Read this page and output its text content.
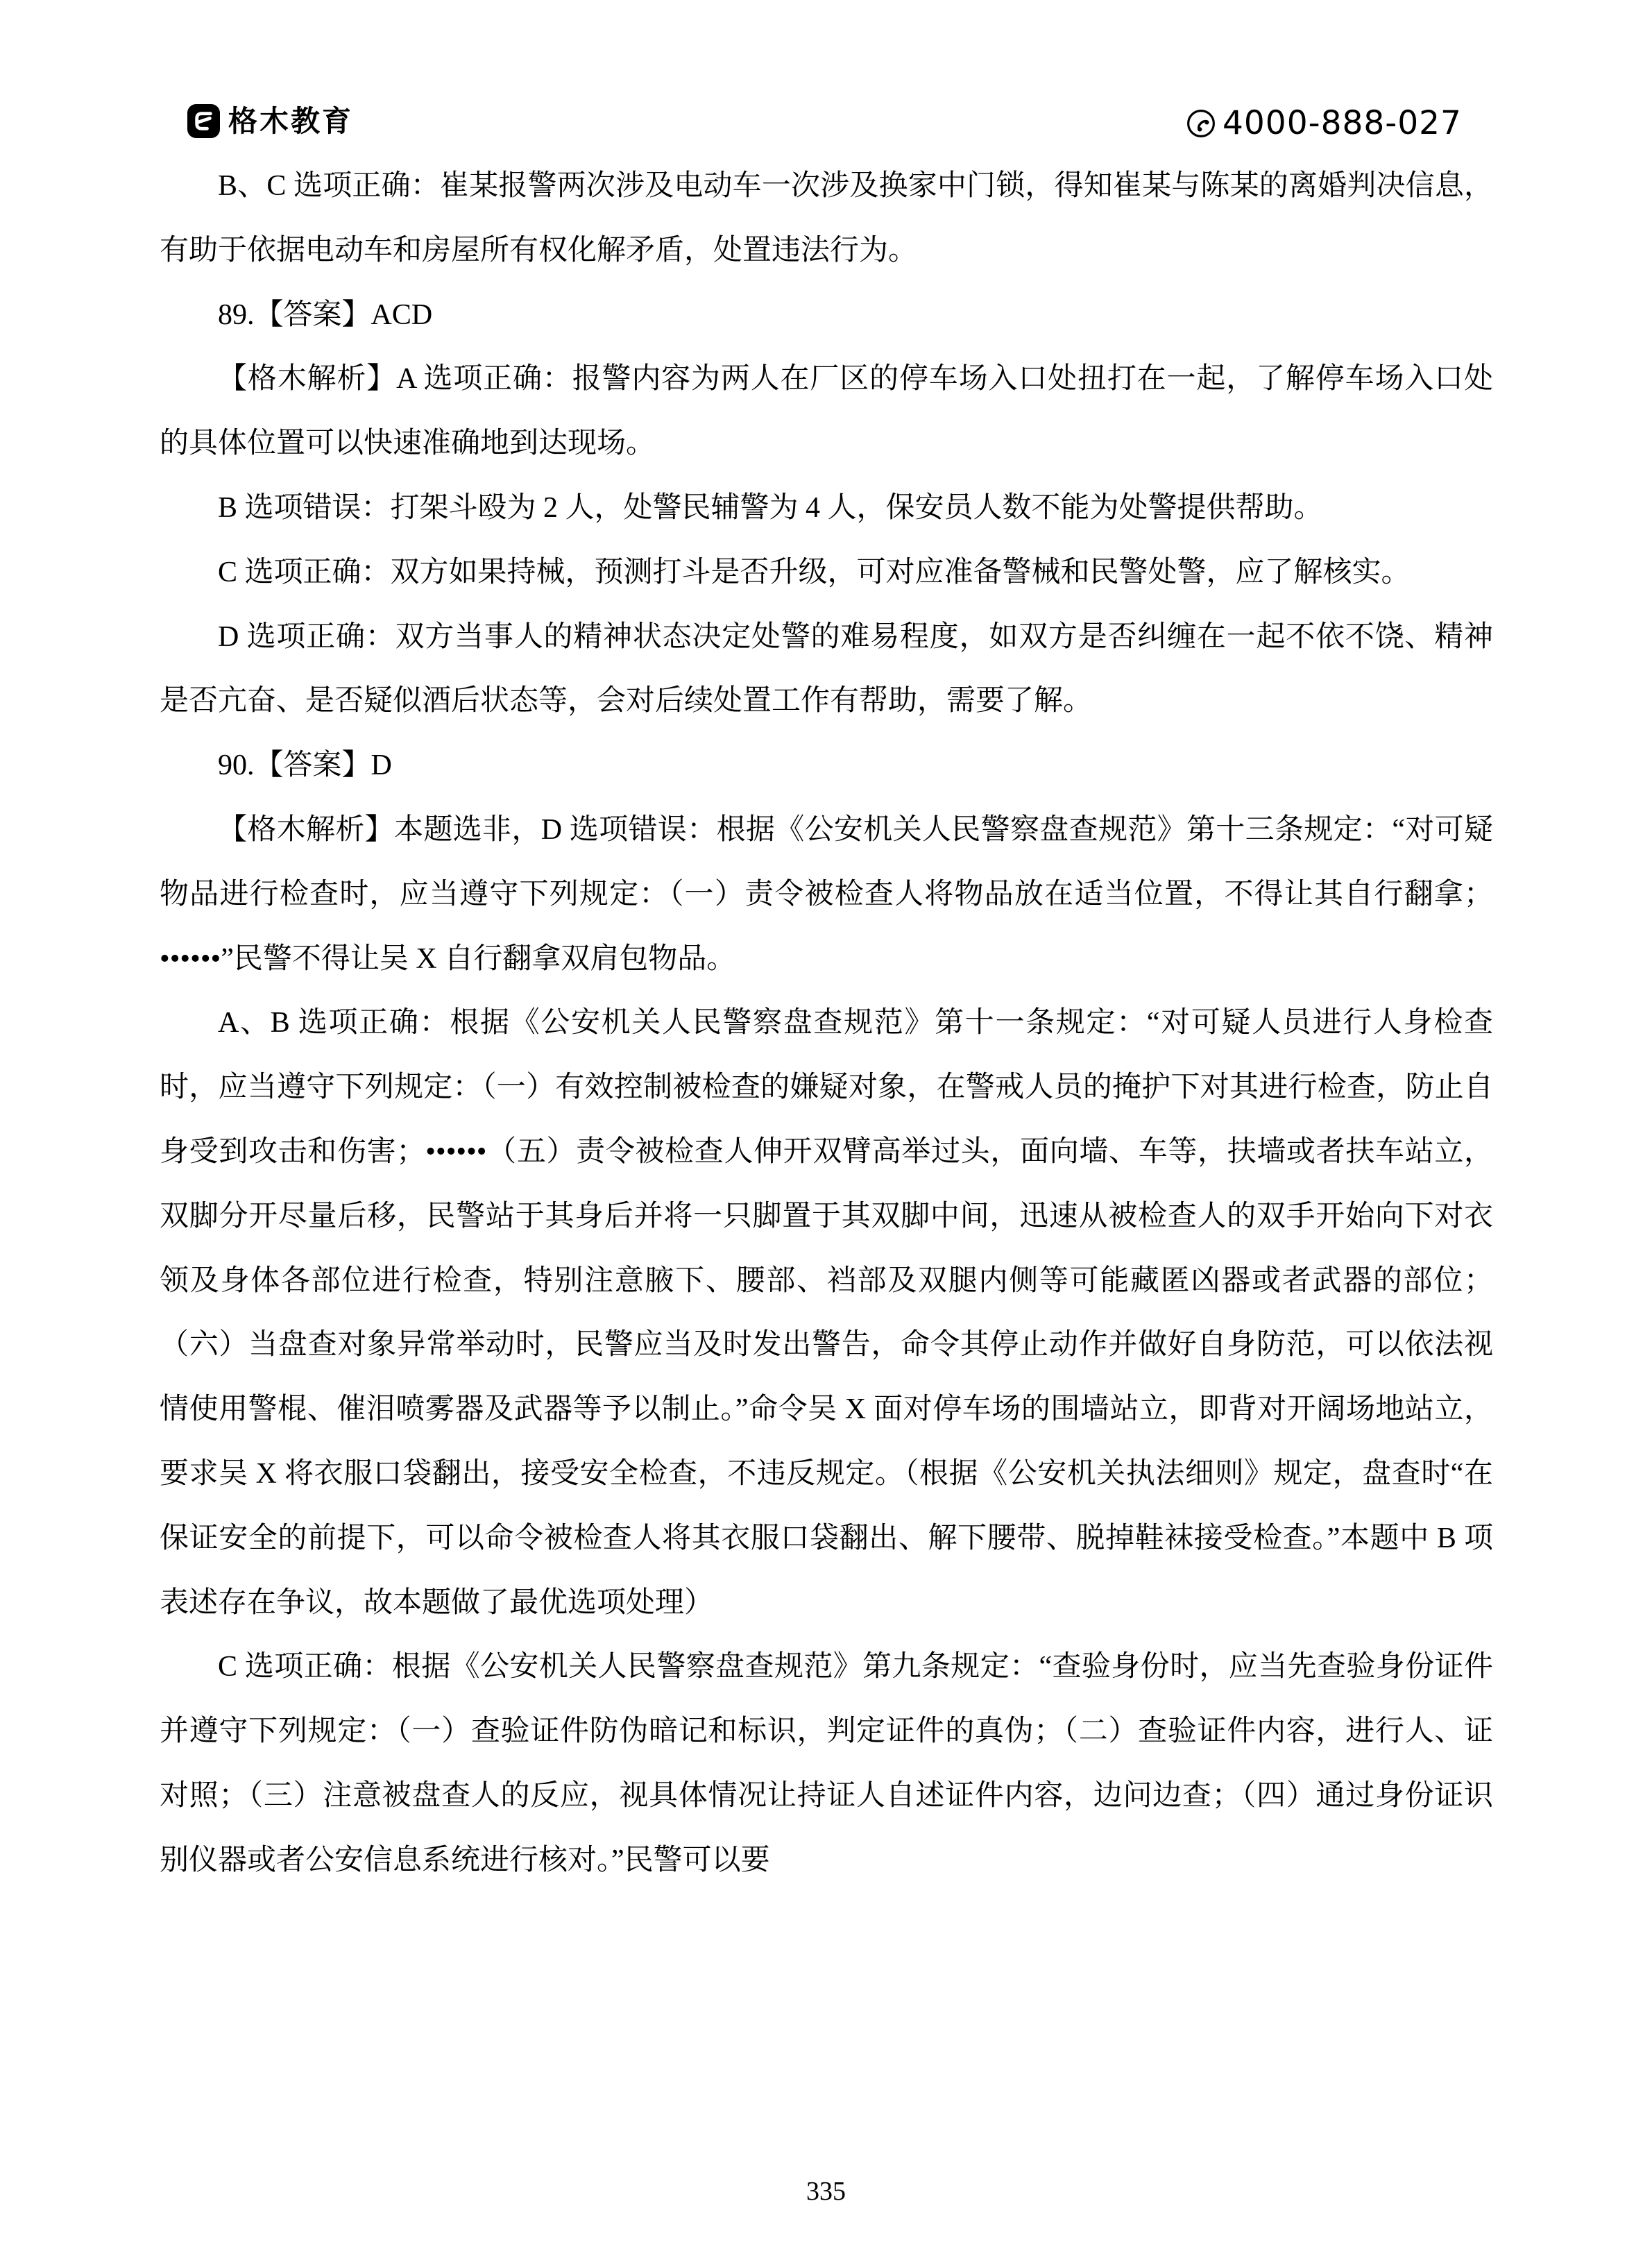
格木教育	4000-888-027

B、C 选项正确：崔某报警两次涉及电动车一次涉及换家中门锁，得知崔某与陈某的离婚判决信息，有助于依据电动车和房屋所有权化解矛盾，处置违法行为。

89.【答案】ACD

【格木解析】A 选项正确：报警内容为两人在厂区的停车场入口处扭打在一起，了解停车场入口处的具体位置可以快速准确地到达现场。

B 选项错误：打架斗殴为 2 人，处警民辅警为 4 人，保安员人数不能为处警提供帮助。

C 选项正确：双方如果持械，预测打斗是否升级，可对应准备警械和民警处警，应了解核实。

D 选项正确：双方当事人的精神状态决定处警的难易程度，如双方是否纠缠在一起不依不饶、精神是否亢奋、是否疑似酒后状态等，会对后续处置工作有帮助，需要了解。

90.【答案】D

【格木解析】本题选非，D 选项错误：根据《公安机关人民警察盘查规范》第十三条规定：“对可疑物品进行检查时，应当遵守下列规定：（一）责令被检查人将物品放在适当位置，不得让其自行翻拿；••••••”民警不得让吴 X 自行翻拿双肩包物品。

A、B 选项正确：根据《公安机关人民警察盘查规范》第十一条规定：“对可疑人员进行人身检查时，应当遵守下列规定：（一）有效控制被检查的嫌疑对象，在警戒人员的掩护下对其进行检查，防止自身受到攻击和伤害；••••••（五）责令被检查人伸开双臂高举过头，面向墙、车等，扶墙或者扶车站立，双脚分开尽量后移，民警站于其身后并将一只脚置于其双脚中间，迅速从被检查人的双手开始向下对衣领及身体各部位进行检查，特别注意腋下、腰部、裆部及双腿内侧等可能藏匿凶器或者武器的部位；（六）当盘查对象异常举动时，民警应当及时发出警告，命令其停止动作并做好自身防范，可以依法视情使用警棍、催泪喷雾器及武器等予以制止。”命令吴 X 面对停车场的围墙站立，即背对开阔场地站立，要求吴 X 将衣服口袋翻出，接受安全检查，不违反规定。（根据《公安机关执法细则》规定，盘查时“在保证安全的前提下，可以命令被检查人将其衣服口袋翻出、解下腰带、脱掉鞋袜接受检查。”本题中 B 项表述存在争议，故本题做了最优选项处理）

C 选项正确：根据《公安机关人民警察盘查规范》第九条规定：“查验身份时，应当先查验身份证件并遵守下列规定：（一）查验证件防伪暗记和标识，判定证件的真伪；（二）查验证件内容，进行人、证对照；（三）注意被盘查人的反应，视具体情况让持证人自述证件内容，边问边查；（四）通过身份证识别仪器或者公安信息系统进行核对。”民警可以要

335
